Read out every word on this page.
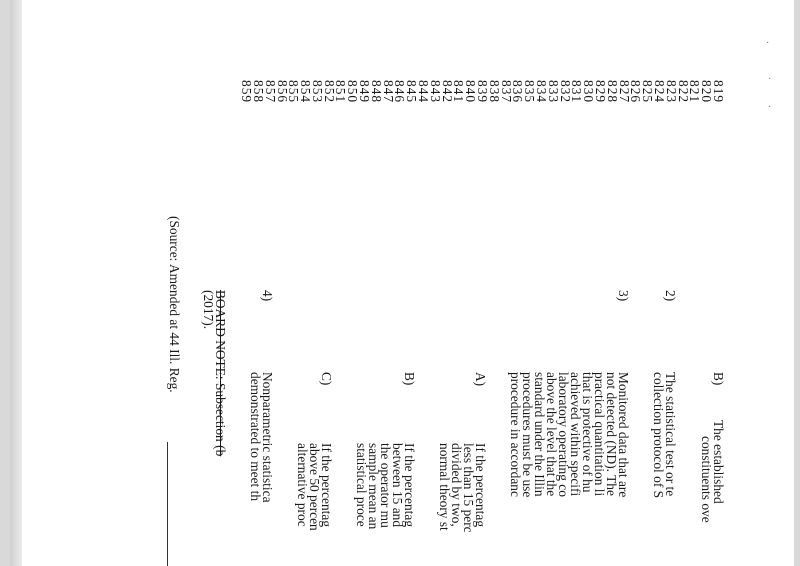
·
·
·
819
820
821
822
823
824
825
826
827
828
829
830
831
832
833
834
835
836
837
838
839
840
841
842
843
844
845
846
847
848
849
850
851
852
853
854
855
856
857
858
859
B)
The established
constituents ove
2)
The statistical test or te
collection protocol of S
3)
Monitored data that are
not detected (ND). The
practical quantitation li
that is protective of hu
achieved within specifi
laboratory operating co
above the level that the
standard under the Illin
procedures must be use
procedure in accordanc
A)
If the percentag
less than 15 perc
divided by two,
normal theory st
B)
If the percentag
between 15 and
the operator mu
sample mean an
statistical proce
C)
If the percentag
above 50 percen
alternative proc
4)
Nonparametric statistica
demonstrated to meet th
BOARD NOTE: Subsection (b
(2017).
(Source: Amended at 44 Ill. Reg.
